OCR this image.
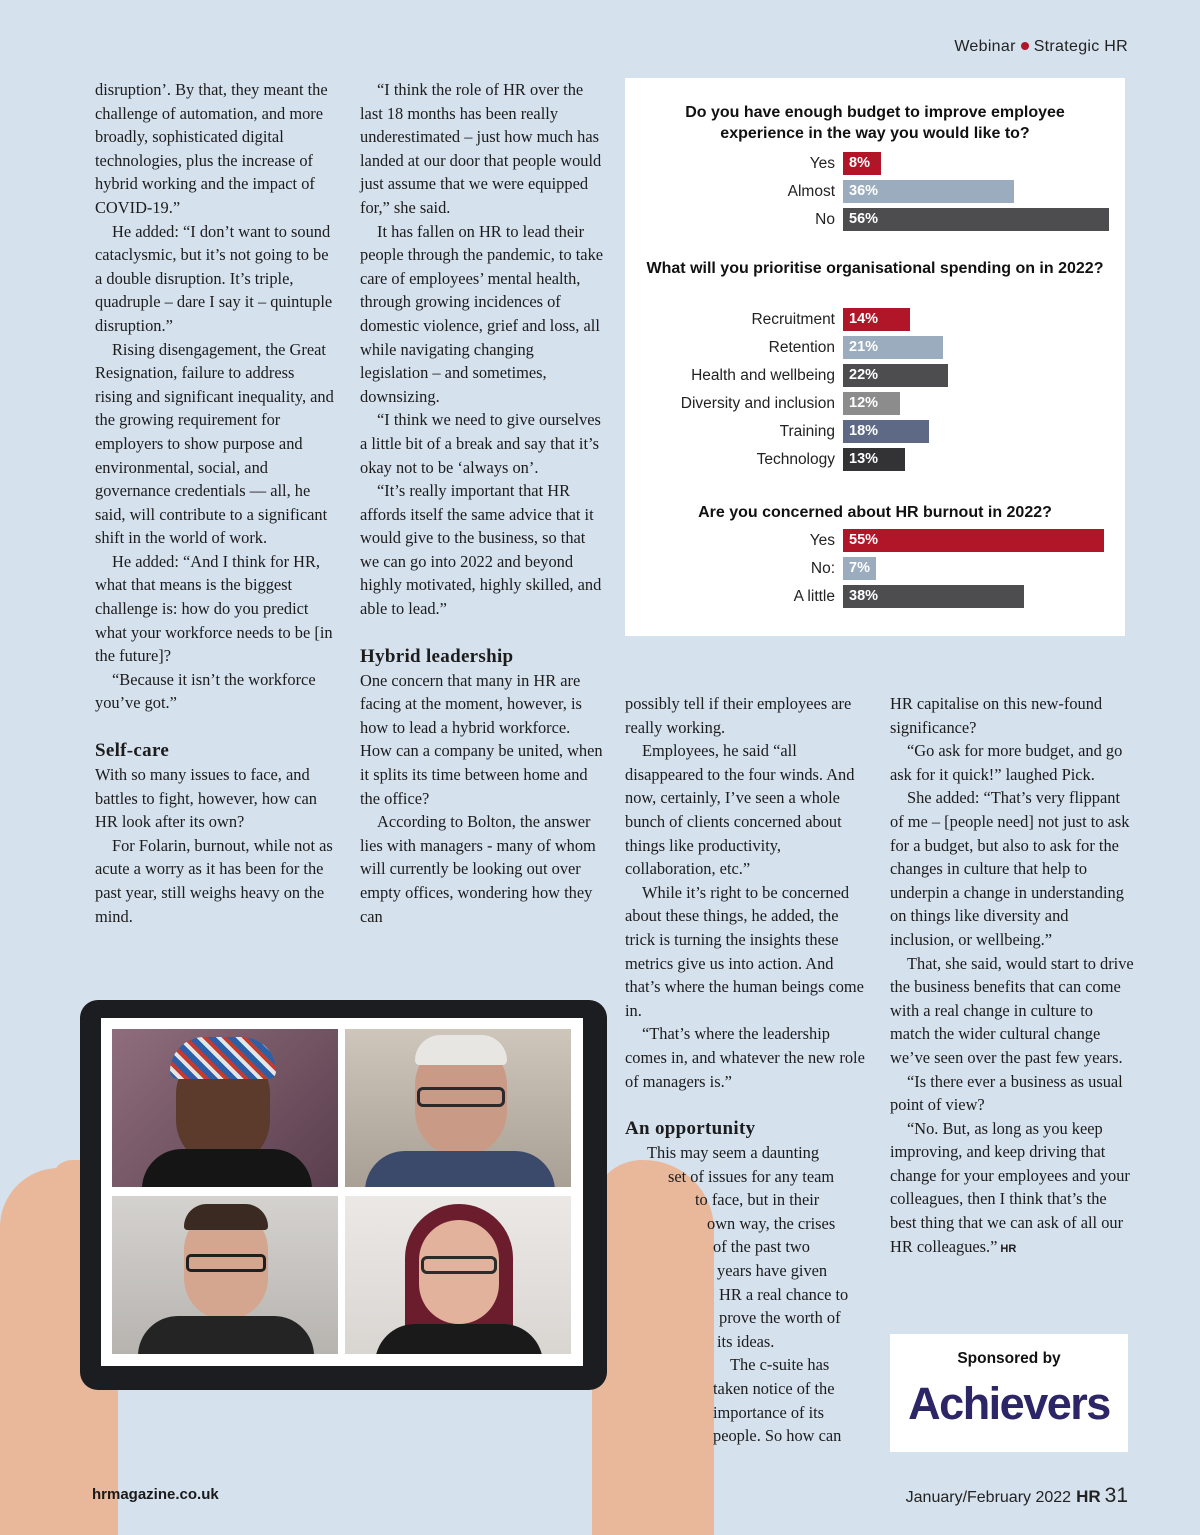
Webinar Strategic HR

disruption’. By that, they meant the challenge of automation, and more broadly, sophisticated digital technologies, plus the increase of hybrid working and the impact of COVID-19.”

He added: “I don’t want to sound cataclysmic, but it’s not going to be a double disruption. It’s triple, quadruple – dare I say it – quintuple disruption.”

Rising disengagement, the Great Resignation, failure to address rising and significant inequality, and the growing requirement for employers to show purpose and environmental, social, and governance credentials — all, he said, will contribute to a significant shift in the world of work.

He added: “And I think for HR, what that means is the biggest challenge is: how do you predict what your workforce needs to be [in the future]?

“Because it isn’t the workforce you’ve got.”

Self-care

With so many issues to face, and battles to fight, however, how can HR look after its own?

For Folarin, burnout, while not as acute a worry as it has been for the past year, still weighs heavy on the mind.

“I think the role of HR over the last 18 months has been really underestimated – just how much has landed at our door that people would just assume that we were equipped for,” she said.

It has fallen on HR to lead their people through the pandemic, to take care of employees’ mental health, through growing incidences of domestic violence, grief and loss, all while navigating changing legislation – and sometimes, downsizing.

“I think we need to give ourselves a little bit of a break and say that it’s okay not to be ‘always on’.

“It’s really important that HR affords itself the same advice that it would give to the business, so that we can go into 2022 and beyond highly motivated, highly skilled, and able to lead.”

Hybrid leadership

One concern that many in HR are facing at the moment, however, is how to lead a hybrid workforce. How can a company be united, when it splits its time between home and the office?

According to Bolton, the answer lies with managers - many of whom will currently be looking out over empty offices, wondering how they can

Do you have enough budget to improve employee experience in the way you would like to?
Yes 8%
Almost 36%
No 56%
What will you prioritise organisational spending on in 2022?
Recruitment 14%
Retention 21%
Health and wellbeing 22%
Diversity and inclusion 12%
Training 18%
Technology 13%
Are you concerned about HR burnout in 2022?
Yes 55%
No: 7%
A little 38%

possibly tell if their employees are really working.

Employees, he said “all disappeared to the four winds. And now, certainly, I’ve seen a whole bunch of clients concerned about things like productivity, collaboration, etc.”

While it’s right to be concerned about these things, he added, the trick is turning the insights these metrics give us into action. And that’s where the human beings come in.

“That’s where the leadership comes in, and whatever the new role of managers is.”

An opportunity
This may seem a daunting
set of issues for any team
to face, but in their
own way, the crises
of the past two
years have given
HR a real chance to
prove the worth of
its ideas.
The c-suite has
taken notice of the
importance of its
people. So how can

HR capitalise on this new-found significance?

“Go ask for more budget, and go ask for it quick!” laughed Pick.

She added: “That’s very flippant of me – [people need] not just to ask for a budget, but also to ask for the changes in culture that help to underpin a change in understanding on things like diversity and inclusion, or wellbeing.”

That, she said, would start to drive the business benefits that can come with a real change in culture to match the wider cultural change we’ve seen over the past few years.

“Is there ever a business as usual point of view?

“No. But, as long as you keep improving, and keep driving that change for your employees and your colleagues, then I think that’s the best thing that we can ask of all our HR colleagues.” HR

Sponsored by
Achievers
hrmagazine.co.uk	January/February 2022 HR 31
